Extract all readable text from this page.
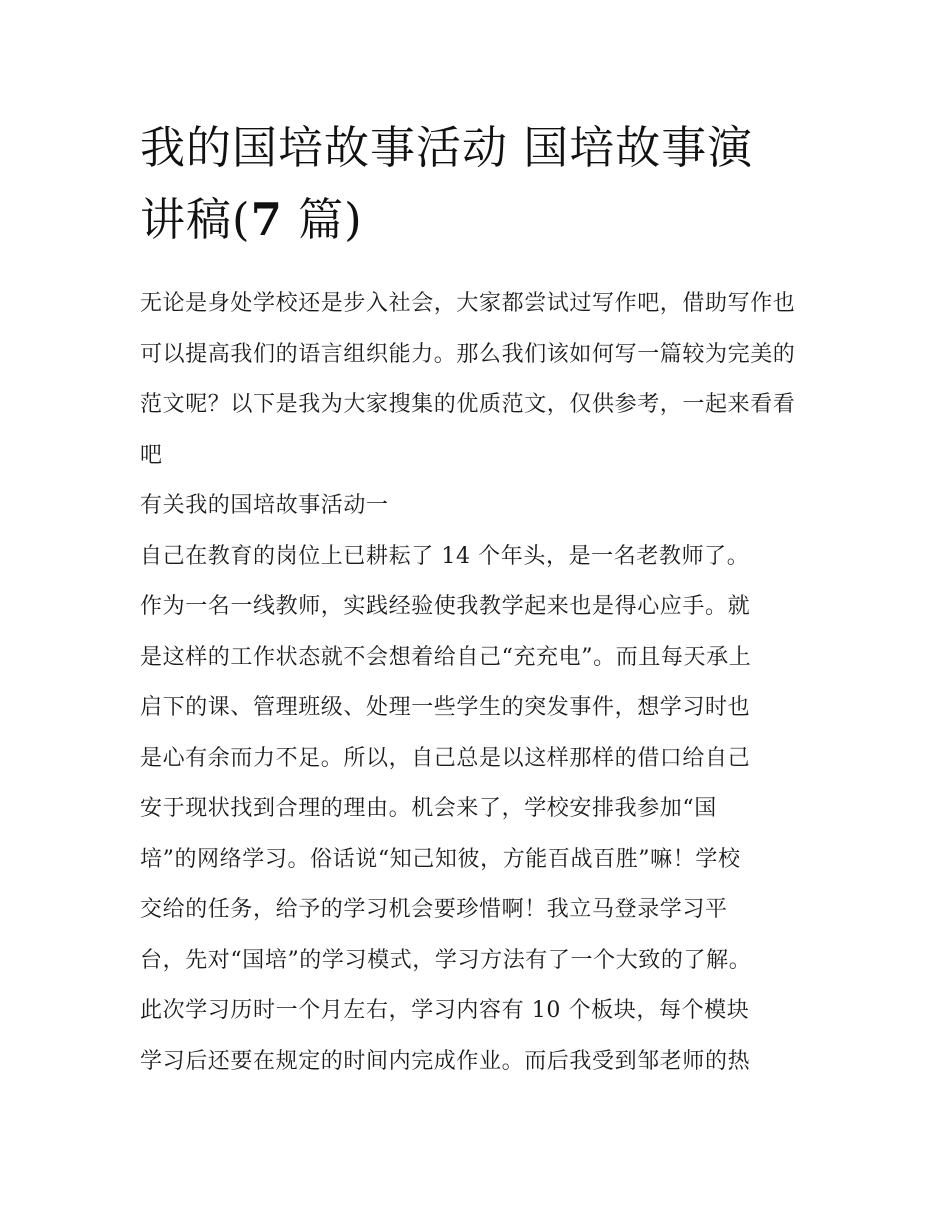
我的国培故事活动 国培故事演
讲稿(7 篇)

无论是身处学校还是步入社会，大家都尝试过写作吧，借助写作也可以提高我们的语言组织能力。那么我们该如何写一篇较为完美的范文呢？以下是我为大家搜集的优质范文，仅供参考，一起来看看吧

有关我的国培故事活动一

自己在教育的岗位上已耕耘了 14 个年头，是一名老教师了。

作为一名一线教师，实践经验使我教学起来也是得心应手。就

是这样的工作状态就不会想着给自己“充充电”。而且每天承上

启下的课、管理班级、处理一些学生的突发事件，想学习时也

是心有余而力不足。所以，自己总是以这样那样的借口给自己

安于现状找到合理的理由。机会来了，学校安排我参加“国

培”的网络学习。俗话说“知己知彼，方能百战百胜”嘛！学校

交给的任务，给予的学习机会要珍惜啊！我立马登录学习平

台，先对“国培”的学习模式，学习方法有了一个大致的了解。

此次学习历时一个月左右，学习内容有 10 个板块，每个模块

学习后还要在规定的时间内完成作业。而后我受到邹老师的热
